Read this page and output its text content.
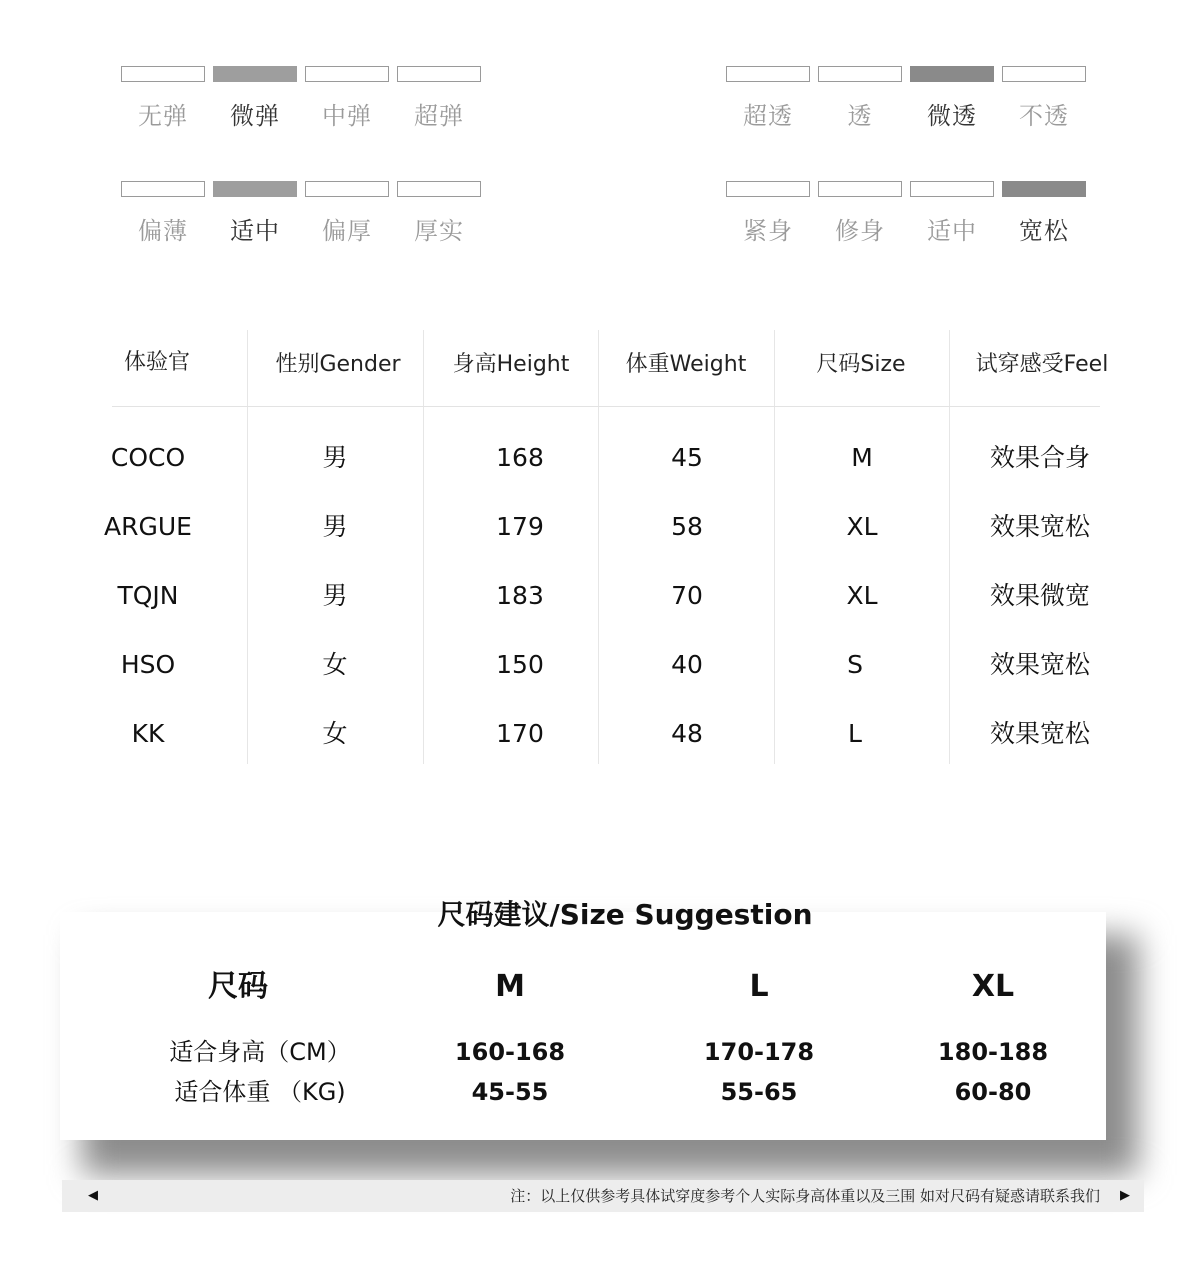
无弹	微弹	中弹	超弹
偏薄	适中	偏厚	厚实
超透	透	微透	不透
紧身	修身	适中	宽松
体验官	性别Gender	身高Height	体重Weight	尺码Size	试穿感受Feel
COCO	男	168	45	M	效果合身
ARGUE	男	179	58	XL	效果宽松
TQJN	男	183	70	XL	效果微宽
HSO	女	150	40	S	效果宽松
KK	女	170	48	L	效果宽松
尺码建议/Size Suggestion
尺码	M	L	XL
适合身高（CM）	160-168	170-178	180-188
适合体重 （KG)	45-55	55-65	60-80
◀	注：以上仅供参考具体试穿度参考个人实际身高体重以及三围 如对尺码有疑惑请联系我们 ▶
